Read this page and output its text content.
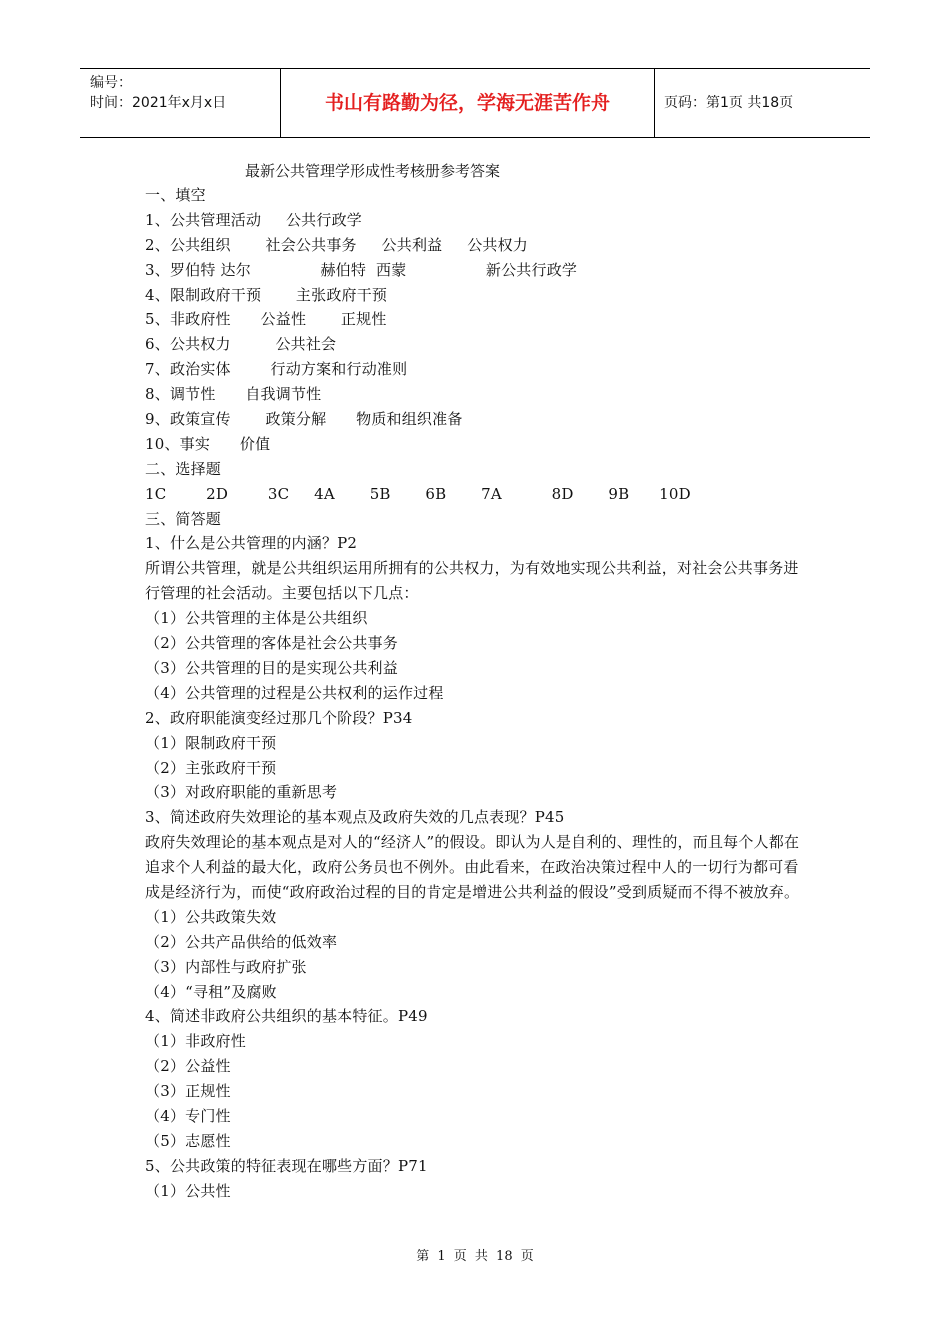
编号：
时间：2021年x月x日	书山有路勤为径，学海无涯苦作舟	页码：第1页 共18页
最新公共管理学形成性考核册参考答案
一、填空
1、公共管理活动     公共行政学
2、公共组织       社会公共事务     公共利益     公共权力
3、罗伯特 达尔              赫伯特  西蒙                新公共行政学
4、限制政府干预       主张政府干预
5、非政府性      公益性       正规性
6、公共权力         公共社会
7、政治实体        行动方案和行动准则
8、调节性      自我调节性
9、政策宣传       政策分解      物质和组织准备
10、事实      价值
二、选择题
1C        2D        3C     4A       5B       6B       7A          8D       9B      10D
三、简答题
1、什么是公共管理的内涵？P2
所谓公共管理，就是公共组织运用所拥有的公共权力，为有效地实现公共利益，对社会公共事务进行管理的社会活动。主要包括以下几点：
（1）公共管理的主体是公共组织
（2）公共管理的客体是社会公共事务
（3）公共管理的目的是实现公共利益
（4）公共管理的过程是公共权利的运作过程
2、政府职能演变经过那几个阶段？P34
（1）限制政府干预
（2）主张政府干预
（3）对政府职能的重新思考
3、简述政府失效理论的基本观点及政府失效的几点表现？P45
政府失效理论的基本观点是对人的“经济人”的假设。即认为人是自利的、理性的，而且每个人都在追求个人利益的最大化，政府公务员也不例外。由此看来，在政治决策过程中人的一切行为都可看成是经济行为，而使“政府政治过程的目的肯定是增进公共利益的假设”受到质疑而不得不被放弃。
（1）公共政策失效
（2）公共产品供给的低效率
（3）内部性与政府扩张
（4）“寻租”及腐败
4、简述非政府公共组织的基本特征。P49
（1）非政府性
（2）公益性
（3）正规性
（4）专门性
（5）志愿性
5、公共政策的特征表现在哪些方面？P71
（1）公共性
第 1 页 共 18 页
